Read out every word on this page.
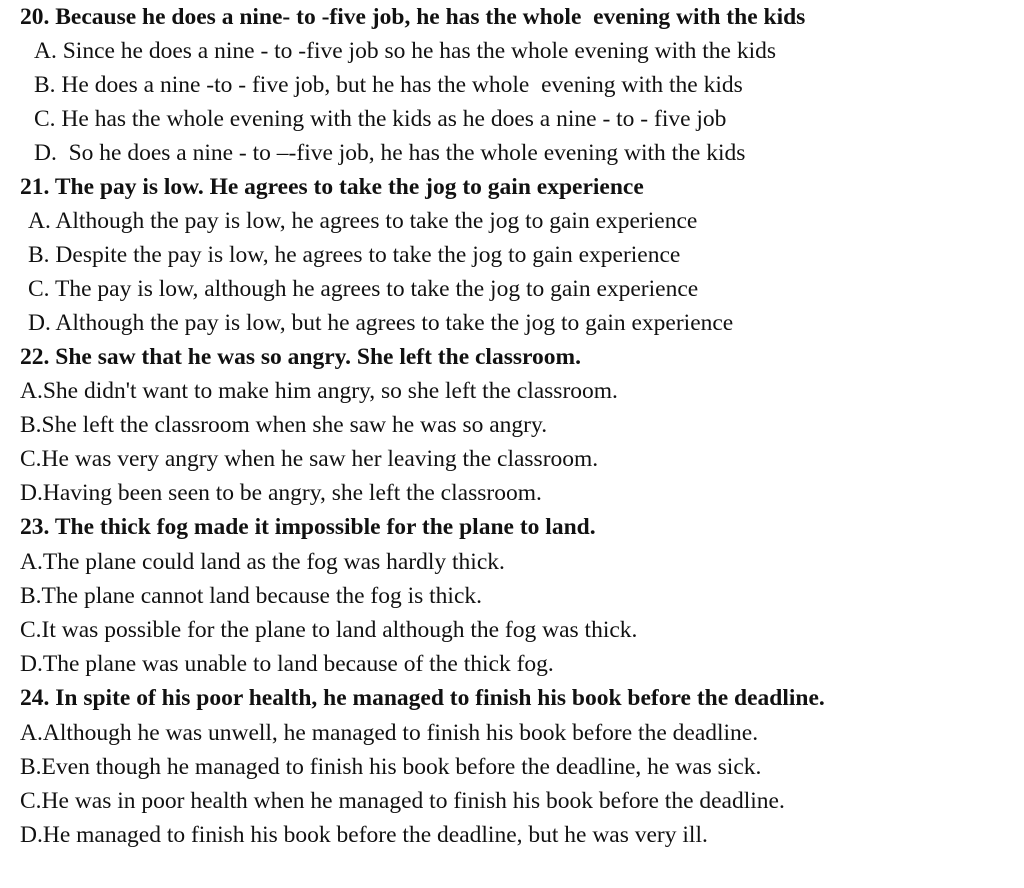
20. Because he does a nine- to -five job, he has the whole  evening with the kids
A. Since he does a nine - to -five job so he has the whole evening with the kids
B. He does a nine -to - five job, but he has the whole  evening with the kids
C. He has the whole evening with the kids as he does a nine - to - five job
D.  So he does a nine - to –-five job, he has the whole evening with the kids
21. The pay is low. He agrees to take the jog to gain experience
A. Although the pay is low, he agrees to take the jog to gain experience
B. Despite the pay is low, he agrees to take the jog to gain experience
C. The pay is low, although he agrees to take the jog to gain experience
D. Although the pay is low, but he agrees to take the jog to gain experience
22. She saw that he was so angry. She left the classroom.
A.She didn't want to make him angry, so she left the classroom.
B.She left the classroom when she saw he was so angry.
C.He was very angry when he saw her leaving the classroom.
D.Having been seen to be angry, she left the classroom.
23. The thick fog made it impossible for the plane to land.
A.The plane could land as the fog was hardly thick.
B.The plane cannot land because the fog is thick.
C.It was possible for the plane to land although the fog was thick.
D.The plane was unable to land because of the thick fog.
24. In spite of his poor health, he managed to finish his book before the deadline.
A.Although he was unwell, he managed to finish his book before the deadline.
B.Even though he managed to finish his book before the deadline, he was sick.
C.He was in poor health when he managed to finish his book before the deadline.
D.He managed to finish his book before the deadline, but he was very ill.
